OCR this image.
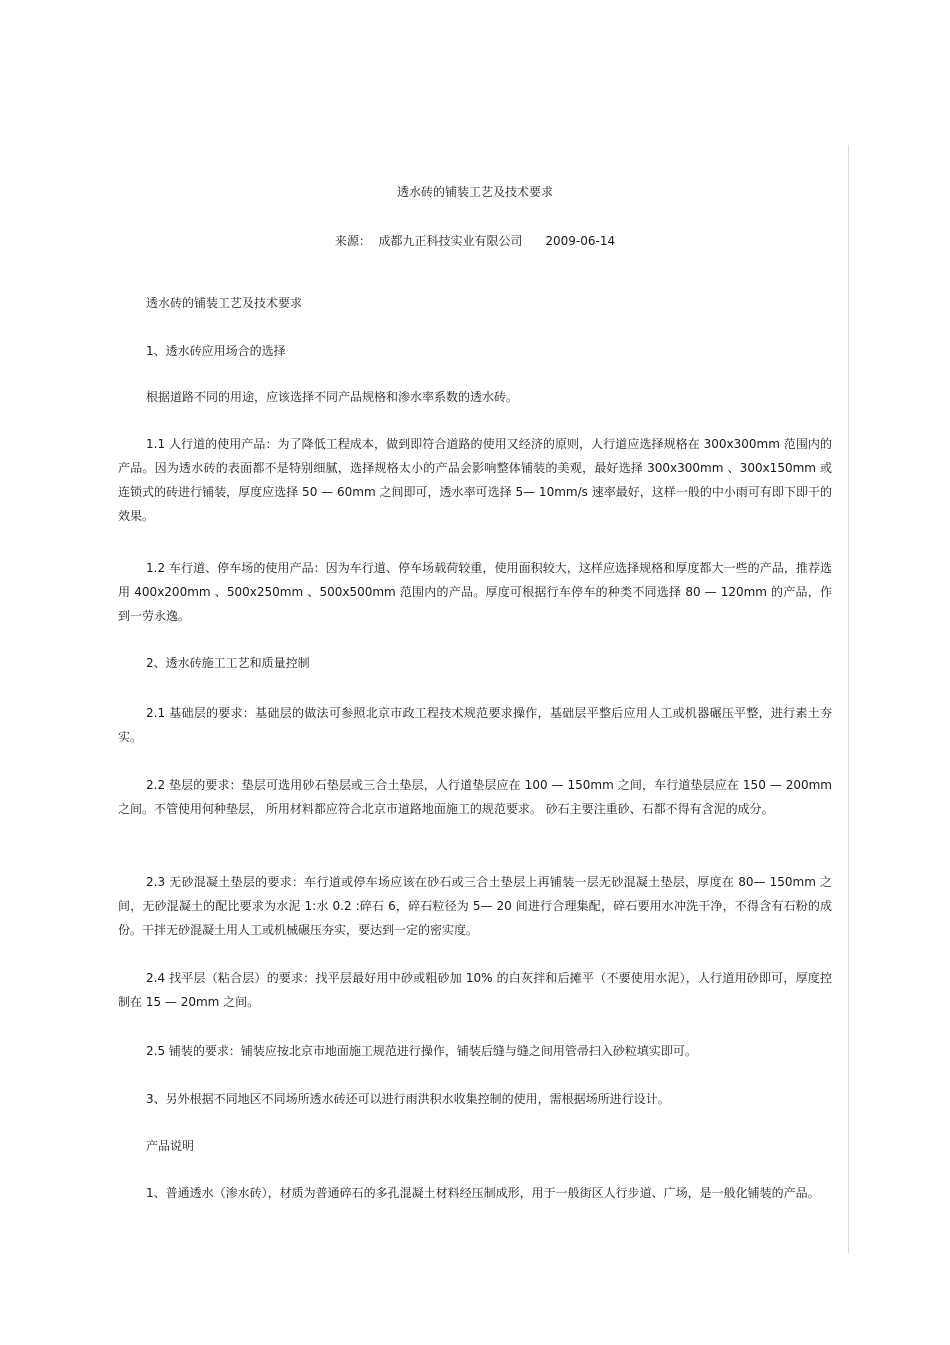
透水砖的铺装工艺及技术要求

来源：  成都九正科技实业有限公司      2009-06-14

透水砖的铺装工艺及技术要求

1、透水砖应用场合的选择

根据道路不同的用途，应该选择不同产品规格和渗水率系数的透水砖。

1.1 人行道的使用产品：为了降低工程成本，做到即符合道路的使用又经济的原则，人行道应选择规格在 300x300mm 范围内的产品。因为透水砖的表面都不是特别细腻，选择规格太小的产品会影响整体铺装的美观，最好选择 300x300mm 、300x150mm 或连锁式的砖进行铺装，厚度应选择 50 — 60mm 之间即可，透水率可选择 5— 10mm/s 速率最好，这样一般的中小雨可有即下即干的效果。

1.2 车行道、停车场的使用产品：因为车行道、停车场载荷较重，使用面积较大，这样应选择规格和厚度都大一些的产品，推荐选用 400x200mm 、500x250mm 、500x500mm 范围内的产品。厚度可根据行车停车的种类不同选择 80 — 120mm 的产品，作到一劳永逸。

2、透水砖施工工艺和质量控制

2.1 基础层的要求：基础层的做法可参照北京市政工程技术规范要求操作，基础层平整后应用人工或机器碾压平整，进行素土夯实。

2.2 垫层的要求：垫层可选用砂石垫层或三合土垫层，人行道垫层应在 100 — 150mm 之间，车行道垫层应在 150 — 200mm 之间。不管使用何种垫层， 所用材料都应符合北京市道路地面施工的规范要求。 砂石主要注重砂、石都不得有含泥的成分。

2.3 无砂混凝土垫层的要求：车行道或停车场应该在砂石或三合土垫层上再铺装一层无砂混凝土垫层，厚度在 80— 150mm 之间，无砂混凝土的配比要求为水泥 1:水 0.2 :碎石 6，碎石粒径为 5— 20 间进行合理集配，碎石要用水冲洗干净，不得含有石粉的成份。干拌无砂混凝土用人工或机械碾压夯实，要达到一定的密实度。

2.4 找平层（粘合层）的要求：找平层最好用中砂或粗砂加 10% 的白灰拌和后摊平（不要使用水泥），人行道用砂即可，厚度控制在 15 — 20mm 之间。

2.5 铺装的要求：铺装应按北京市地面施工规范进行操作，铺装后缝与缝之间用管帚扫入砂粒填实即可。

3、另外根据不同地区不同场所透水砖还可以进行雨洪积水收集控制的使用，需根据场所进行设计。

产品说明

1、普通透水（渗水砖），材质为普通碎石的多孔混凝土材料经压制成形，用于一般街区人行步道、广场，是一般化铺装的产品。
